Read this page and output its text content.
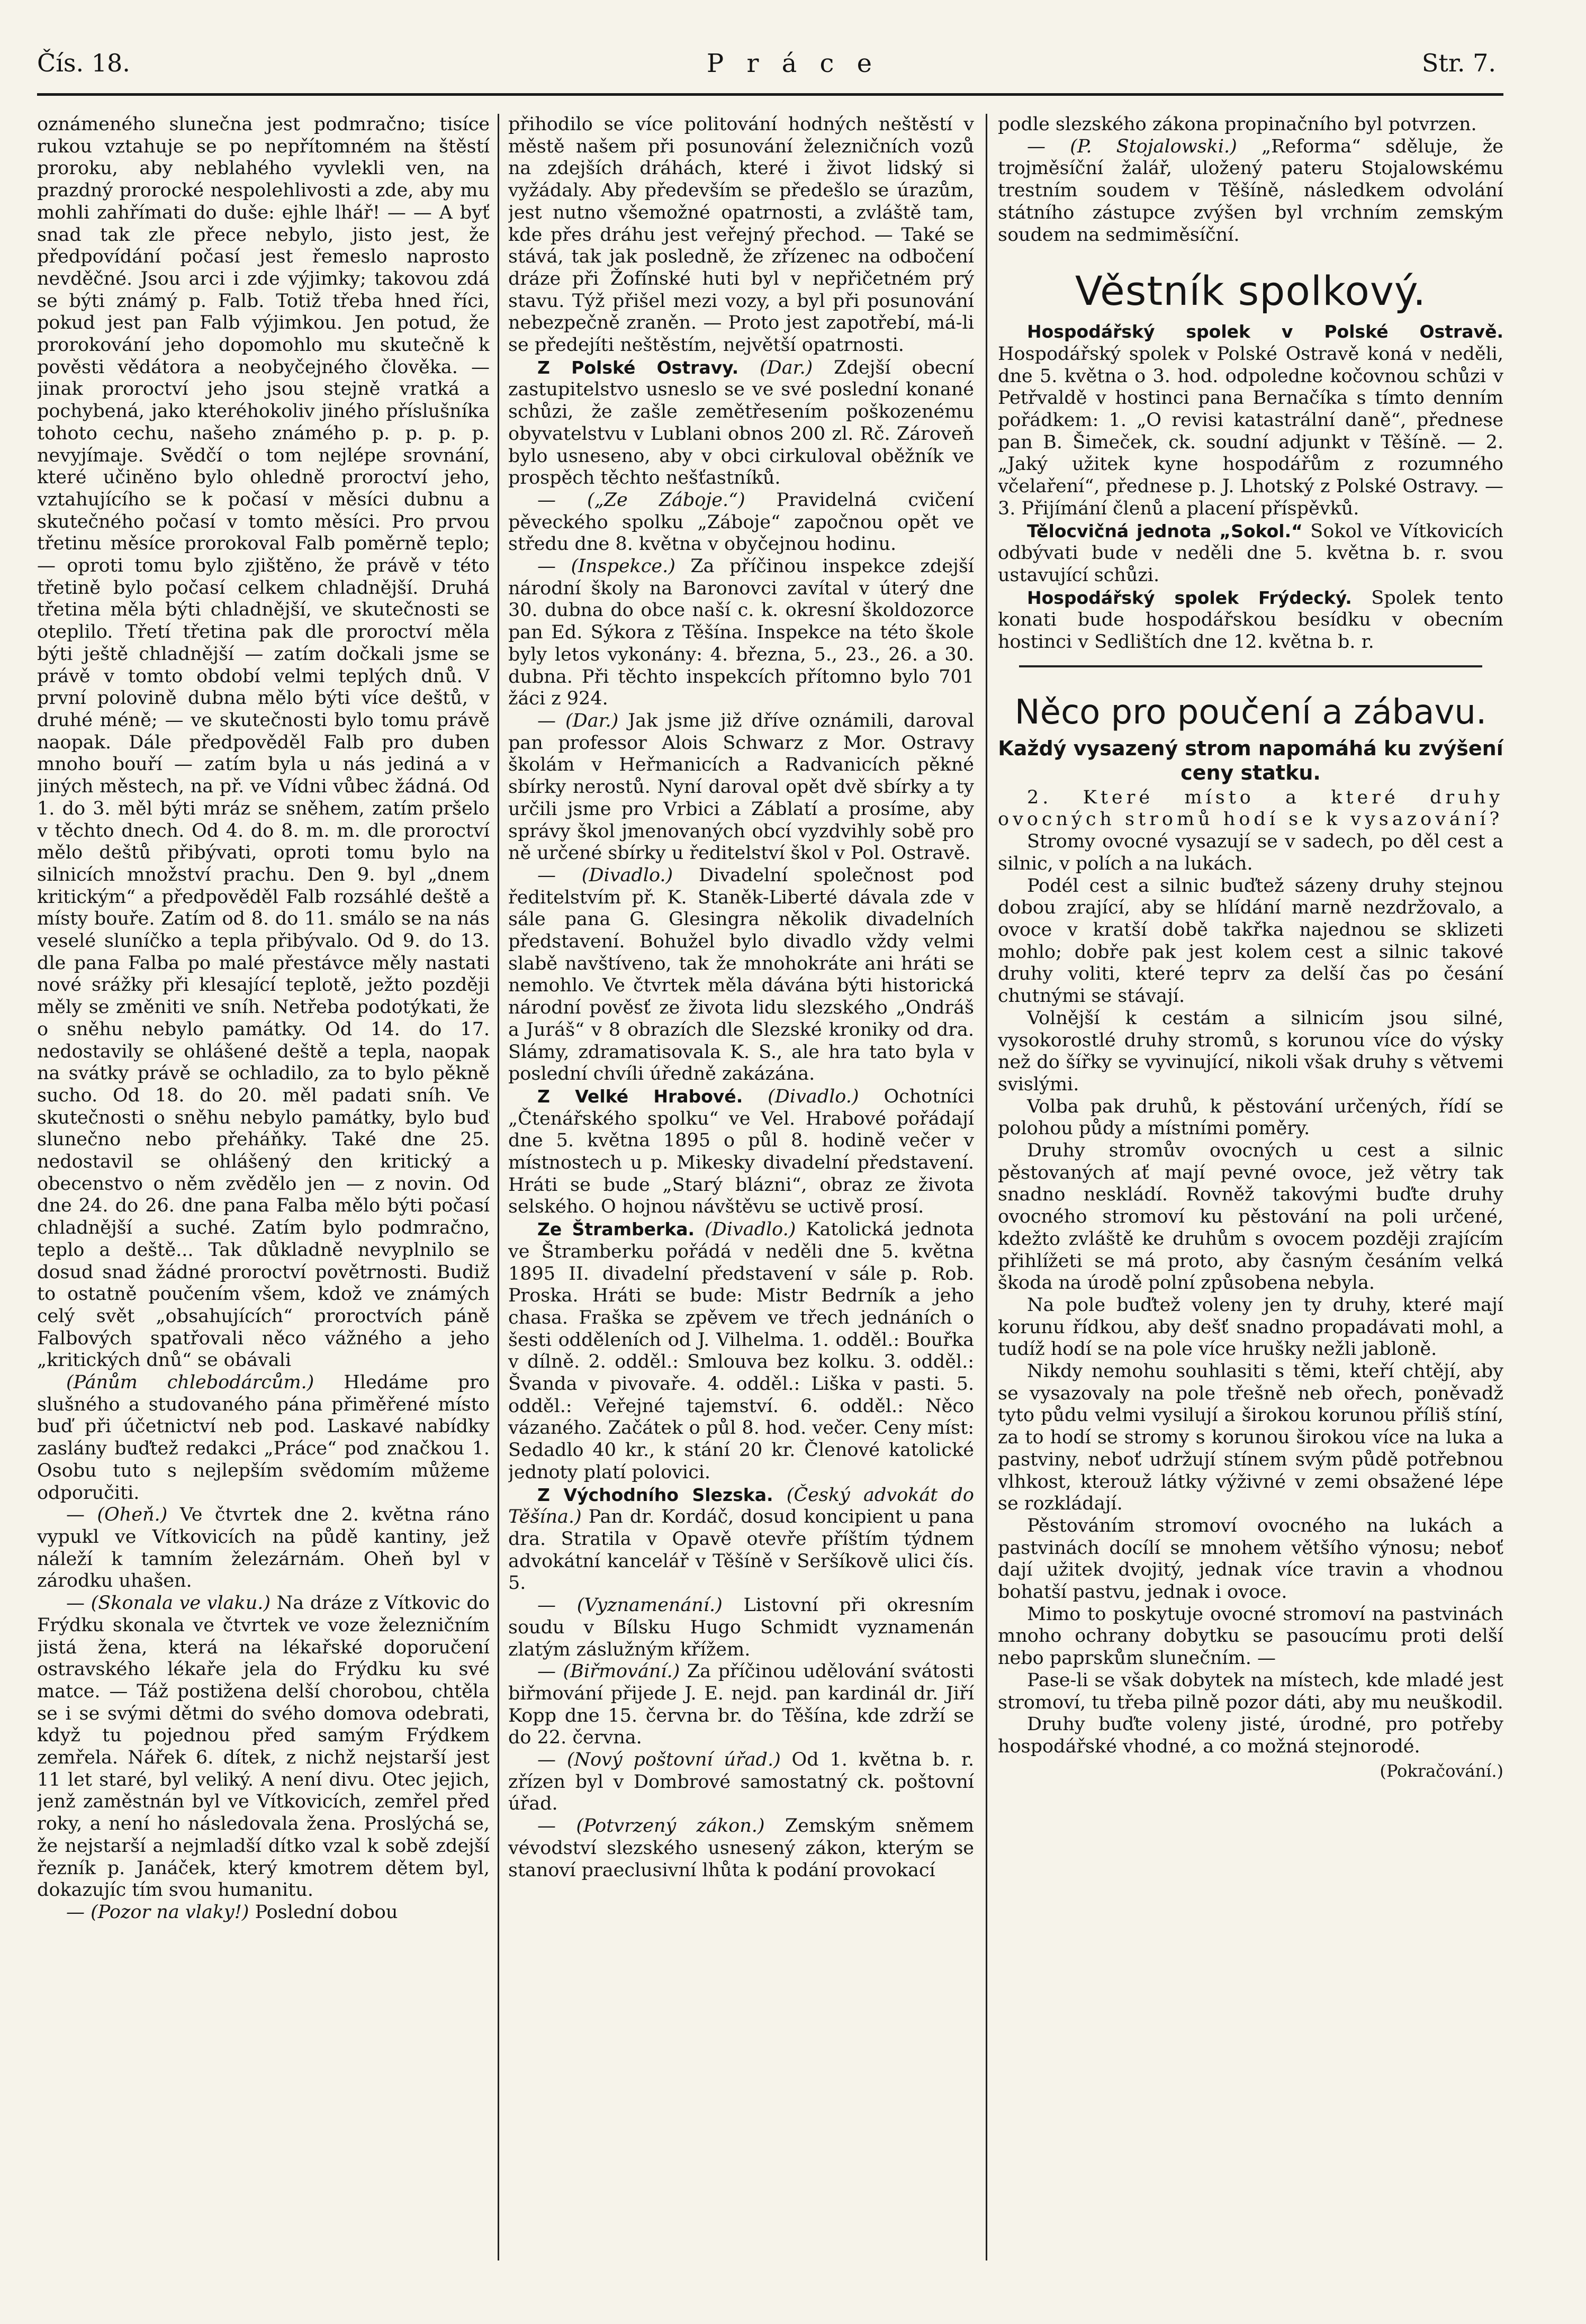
Čís. 18.	P r á c e	Str. 7.

oznámeného slunečna jest podmračno; tisíce rukou vztahuje se po nepřítomném na štěstí proroku, aby neblahého vyvlekli ven, na prazdný prorocké nespolehlivosti a zde, aby mu mohli zahřímati do duše: ejhle lhář! — — A byť snad tak zle přece nebylo, jisto jest, že předpovídání počasí jest řemeslo naprosto nevděčné. Jsou arci i zde výjimky; takovou zdá se býti známý p. Falb. Totiž třeba hned říci, pokud jest pan Falb výjimkou. Jen potud, že prorokování jeho dopomohlo mu skutečně k pověsti vědátora a neobyčejného člověka. — jinak proroctví jeho jsou stejně vratká a pochybená, jako kteréhokoliv jiného příslušníka tohoto cechu, našeho známého p. p. p. p. nevyjímaje. Svědčí o tom nejlépe srovnání, které učiněno bylo ohledně proroctví jeho, vztahujícího se k počasí v měsíci dubnu a skutečného počasí v tomto měsíci. Pro prvou třetinu měsíce prorokoval Falb poměrně teplo; — oproti tomu bylo zjištěno, že právě v této třetině bylo počasí celkem chladnější. Druhá třetina měla býti chladnější, ve skutečnosti se oteplilo. Třetí třetina pak dle proroctví měla býti ještě chladnější — zatím dočkali jsme se právě v tomto období velmi teplých dnů. V první polovině dubna mělo býti více deštů, v druhé méně; — ve skutečnosti bylo tomu právě naopak. Dále předpověděl Falb pro duben mnoho bouří — zatím byla u nás jediná a v jiných městech, na př. ve Vídni vůbec žádná. Od 1. do 3. měl býti mráz se sněhem, zatím pršelo v těchto dnech. Od 4. do 8. m. m. dle proroctví mělo deštů přibývati, oproti tomu bylo na silnicích množství prachu. Den 9. byl „dnem kritickým“ a předpověděl Falb rozsáhlé deště a místy bouře. Zatím od 8. do 11. smálo se na nás veselé sluníčko a tepla přibývalo. Od 9. do 13. dle pana Falba po malé přestávce měly nastati nové srážky při klesající teplotě, ježto později měly se změniti ve sníh. Netřeba podotýkati, že o sněhu nebylo památky. Od 14. do 17. nedostavily se ohlášené deště a tepla, naopak na svátky právě se ochladilo, za to bylo pěkně sucho. Od 18. do 20. měl padati sníh. Ve skutečnosti o sněhu nebylo památky, bylo buď slunečno nebo přeháňky. Také dne 25. nedostavil se ohlášený den kritický a obecenstvo o něm zvědělo jen — z novin. Od dne 24. do 26. dne pana Falba mělo býti počasí chladnější a suché. Zatím bylo podmračno, teplo a deště... Tak důkladně nevyplnilo se dosud snad žádné proroctví povětrnosti. Budiž to ostatně poučením všem, kdož ve známých celý svět „obsahujících“ proroctvích páně Falbových spatřovali něco vážného a jeho „kritických dnů“ se obávali

(Pánům chlebodárcům.) Hledáme pro slušného a studovaného pána přiměřené místo buď při účetnictví neb pod. Laskavé nabídky zaslány buďtež redakci „Práce“ pod značkou 1. Osobu tuto s nejlepším svědomím můžeme odporučiti.

— (Oheň.) Ve čtvrtek dne 2. května ráno vypukl ve Vítkovicích na půdě kantiny, jež náleží k tamním železárnám. Oheň byl v zárodku uhašen.

— (Skonala ve vlaku.) Na dráze z Vítkovic do Frýdku skonala ve čtvrtek ve voze železničním jistá žena, která na lékařské doporučení ostravského lékaře jela do Frýdku ku své matce. — Táž postižena delší chorobou, chtěla se i se svými dětmi do svého domova odebrati, když tu pojednou před samým Frýdkem zemřela. Nářek 6. dítek, z nichž nejstarší jest 11 let staré, byl veliký. A není divu. Otec jejich, jenž zaměstnán byl ve Vítkovicích, zemřel před roky, a není ho následovala žena. Proslýchá se, že nejstarší a nejmladší dítko vzal k sobě zdejší řezník p. Janáček, který kmotrem dětem byl, dokazujíc tím svou humanitu.

— (Pozor na vlaky!) Poslední dobou

přihodilo se více politování hodných neštěstí v městě našem při posunování železničních vozů na zdejších dráhách, které i život lidský si vyžádaly. Aby především se předešlo se úrazům, jest nutno všemožné opatrnosti, a zvláště tam, kde přes dráhu jest veřejný přechod. — Také se stává, tak jak posledně, že zřízenec na odbočení dráze při Žofínské huti byl v nepřičetném prý stavu. Týž přišel mezi vozy, a byl při posunování nebezpečně zraněn. — Proto jest zapotřebí, má-li se předejíti neštěstím, největší opatrnosti.

Z Polské Ostravy. (Dar.) Zdejší obecní zastupitelstvo usneslo se ve své poslední konané schůzi, že zašle zemětřesením poškozenému obyvatelstvu v Lublani obnos 200 zl. Rč. Zároveň bylo usneseno, aby v obci cirkuloval oběžník ve prospěch těchto nešťastníků.

— („Ze Záboje.“) Pravidelná cvičení pěveckého spolku „Záboje“ započnou opět ve středu dne 8. května v obyčejnou hodinu.

— (Inspekce.) Za příčinou inspekce zdejší národní školy na Baronovci zavítal v úterý dne 30. dubna do obce naší c. k. okresní školdozorce pan Ed. Sýkora z Těšína. Inspekce na této škole byly letos vykonány: 4. března, 5., 23., 26. a 30. dubna. Při těchto inspekcích přítomno bylo 701 žáci z 924.

— (Dar.) Jak jsme již dříve oznámili, daroval pan professor Alois Schwarz z Mor. Ostravy školám v Heřmanicích a Radvanicích pěkné sbírky nerostů. Nyní daroval opět dvě sbírky a ty určili jsme pro Vrbici a Záblatí a prosíme, aby správy škol jmenovaných obcí vyzdvihly sobě pro ně určené sbírky u ředitelství škol v Pol. Ostravě.

— (Divadlo.) Divadelní společnost pod ředitelstvím př. K. Staněk-Liberté dávala zde v sále pana G. Glesingra několik divadelních představení. Bohužel bylo divadlo vždy velmi slabě navštíveno, tak že mnohokráte ani hráti se nemohlo. Ve čtvrtek měla dávána býti historická národní pověsť ze života lidu slezského „Ondráš a Juráš“ v 8 obrazích dle Slezské kroniky od dra. Slámy, zdramatisovala K. S., ale hra tato byla v poslední chvíli úředně zakázána.

Z Velké Hrabové. (Divadlo.) Ochotníci „Čtenářského spolku“ ve Vel. Hrabové pořádají dne 5. května 1895 o půl 8. hodině večer v místnostech u p. Mikesky divadelní představení. Hráti se bude „Starý blázni“, obraz ze života selského. O hojnou návštěvu se uctivě prosí.

Ze Štramberka. (Divadlo.) Katolická jednota ve Štramberku pořádá v neděli dne 5. května 1895 II. divadelní představení v sále p. Rob. Proska. Hráti se bude: Mistr Bedrník a jeho chasa. Fraška se zpěvem ve třech jednáních o šesti odděleních od J. Vilhelma. 1. odděl.: Bouřka v dílně. 2. odděl.: Smlouva bez kolku. 3. odděl.: Švanda v pivovaře. 4. odděl.: Liška v pasti. 5. odděl.: Veřejné tajemství. 6. odděl.: Něco vázaného. Začátek o půl 8. hod. večer. Ceny míst: Sedadlo 40 kr., k stání 20 kr. Členové katolické jednoty platí polovici.

Z Východního Slezska. (Český advokát do Těšína.) Pan dr. Kordáč, dosud koncipient u pana dra. Stratila v Opavě otevře příštím týdnem advokátní kancelář v Těšíně v Seršíkově ulici čís. 5.

— (Vyznamenání.) Listovní při okresním soudu v Bílsku Hugo Schmidt vyznamenán zlatým záslužným křížem.

— (Biřmování.) Za příčinou udělování svátosti biřmování přijede J. E. nejd. pan kardinál dr. Jiří Kopp dne 15. června br. do Těšína, kde zdrží se do 22. června.

— (Nový poštovní úřad.) Od 1. května b. r. zřízen byl v Dombrové samostatný ck. poštovní úřad.

— (Potvrzený zákon.) Zemským sněmem vévodství slezského usnesený zákon, kterým se stanoví praeclusivní lhůta k podání provokací

podle slezského zákona propinačního byl potvrzen.

— (P. Stojalowski.) „Reforma“ sděluje, že trojměsíční žalář, uložený pateru Stojalowskému trestním soudem v Těšíně, následkem odvolání státního zástupce zvýšen byl vrchním zemským soudem na sedmiměsíční.

Věstník spolkový.

Hospodářský spolek v Polské Ostravě. Hospodářský spolek v Polské Ostravě koná v neděli, dne 5. května o 3. hod. odpoledne kočovnou schůzi v Petřvaldě v hostinci pana Bernačíka s tímto denním pořádkem: 1. „O revisi katastrální daně“, přednese pan B. Šimeček, ck. soudní adjunkt v Těšíně. — 2. „Jaký užitek kyne hospodářům z rozumného včelaření“, přednese p. J. Lhotský z Polské Ostravy. — 3. Přijímání členů a placení příspěvků.

Tělocvičná jednota „Sokol.“ Sokol ve Vítkovicích odbývati bude v neděli dne 5. května b. r. svou ustavující schůzi.

Hospodářský spolek Frýdecký. Spolek tento konati bude hospodářskou besídku v obecním hostinci v Sedlištích dne 12. května b. r.

Něco pro poučení a zábavu.
Každý vysazený strom napomáhá ku zvýšení ceny statku.

2. Které místo a které druhy ovocných stromů hodí se k vysazování?

Stromy ovocné vysazují se v sadech, po děl cest a silnic, v polích a na lukách.

Podél cest a silnic buďtež sázeny druhy stejnou dobou zrající, aby se hlídání marně nezdržovalo, a ovoce v kratší době takřka najednou se sklizeti mohlo; dobře pak jest kolem cest a silnic takové druhy voliti, které teprv za delší čas po česání chutnými se stávají.

Volnější k cestám a silnicím jsou silné, vysokorostlé druhy stromů, s korunou více do výsky než do šířky se vyvinující, nikoli však druhy s větvemi svislými.

Volba pak druhů, k pěstování určených, řídí se polohou půdy a místními poměry.

Druhy stromův ovocných u cest a silnic pěstovaných ať mají pevné ovoce, jež větry tak snadno neskládí. Rovněž takovými buďte druhy ovocného stromoví ku pěstování na poli určené, kdežto zvláště ke druhům s ovocem později zrajícím přihlížeti se má proto, aby časným česáním velká škoda na úrodě polní způsobena nebyla.

Na pole buďtež voleny jen ty druhy, které mají korunu řídkou, aby dešť snadno propadávati mohl, a tudíž hodí se na pole více hrušky nežli jabloně.

Nikdy nemohu souhlasiti s těmi, kteří chtějí, aby se vysazovaly na pole třešně neb ořech, poněvadž tyto půdu velmi vysilují a širokou korunou příliš stíní, za to hodí se stromy s korunou širokou více na luka a pastviny, neboť udržují stínem svým půdě potřebnou vlhkost, kterouž látky výživné v zemi obsažené lépe se rozkládají.

Pěstováním stromoví ovocného na lukách a pastvinách docílí se mnohem většího výnosu; neboť dají užitek dvojitý, jednak více travin a vhodnou bohatší pastvu, jednak i ovoce.

Mimo to poskytuje ovocné stromoví na pastvinách mnoho ochrany dobytku se pasoucímu proti delší nebo paprskům slunečním. —

Pase-li se však dobytek na místech, kde mladé jest stromoví, tu třeba pilně pozor dáti, aby mu neuškodil.

Druhy buďte voleny jisté, úrodné, pro potřeby hospodářské vhodné, a co možná stejnorodé.

(Pokračování.)
